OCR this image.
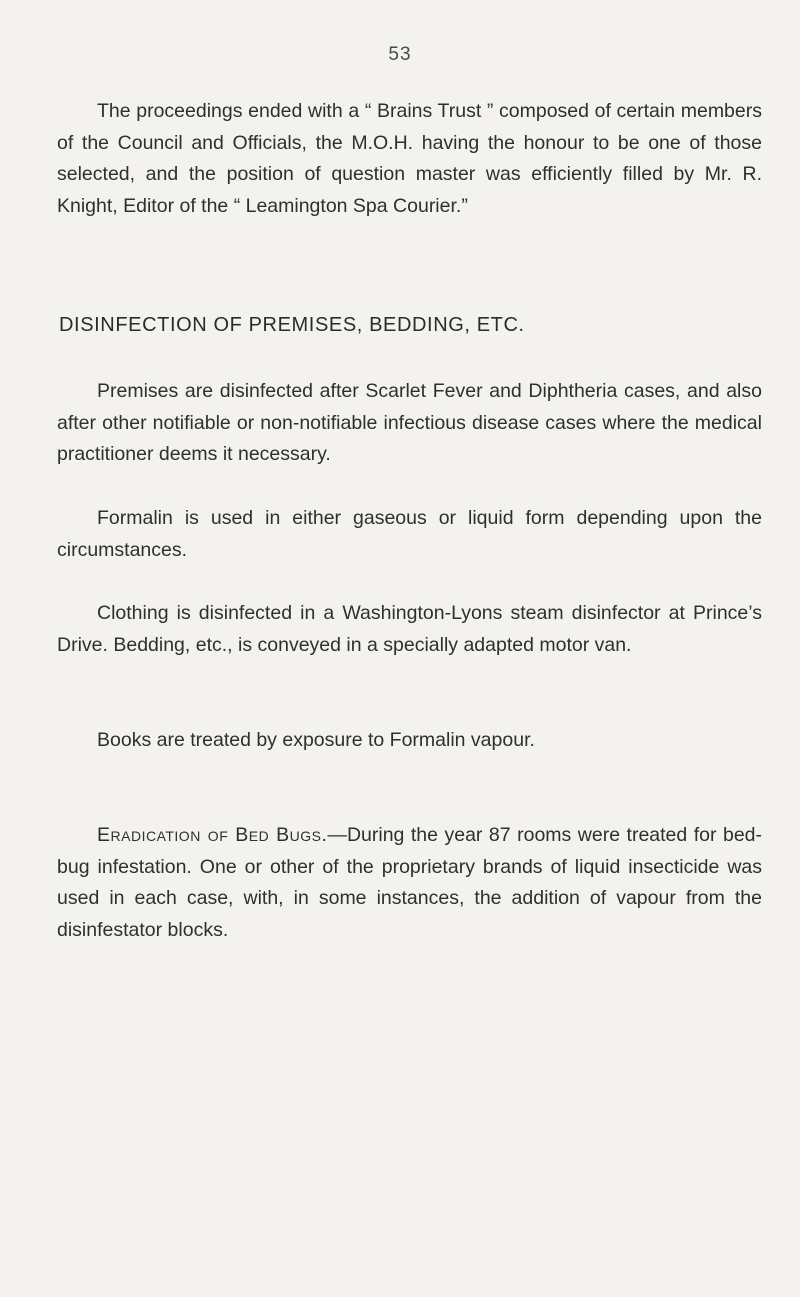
53

The proceedings ended with a “ Brains Trust ” composed of certain members of the Council and Officials, the M.O.H. having the honour to be one of those selected, and the position of question master was efficiently filled by Mr. R. Knight, Editor of the “ Leamington Spa Courier.”

DISINFECTION OF PREMISES, BEDDING, ETC.

Premises are disinfected after Scarlet Fever and Diphtheria cases, and also after other notifiable or non-notifiable infectious disease cases where the medical practitioner deems it necessary.

Formalin is used in either gaseous or liquid form depending upon the circumstances.

Clothing is disinfected in a Washington-Lyons steam disinfector at Prince’s Drive. Bedding, etc., is conveyed in a specially adapted motor van.

Books are treated by exposure to Formalin vapour.

Eradication of Bed Bugs.—During the year 87 rooms were treated for bed-bug infestation. One or other of the proprietary brands of liquid insecticide was used in each case, with, in some instances, the addition of vapour from the disinfestator blocks.
